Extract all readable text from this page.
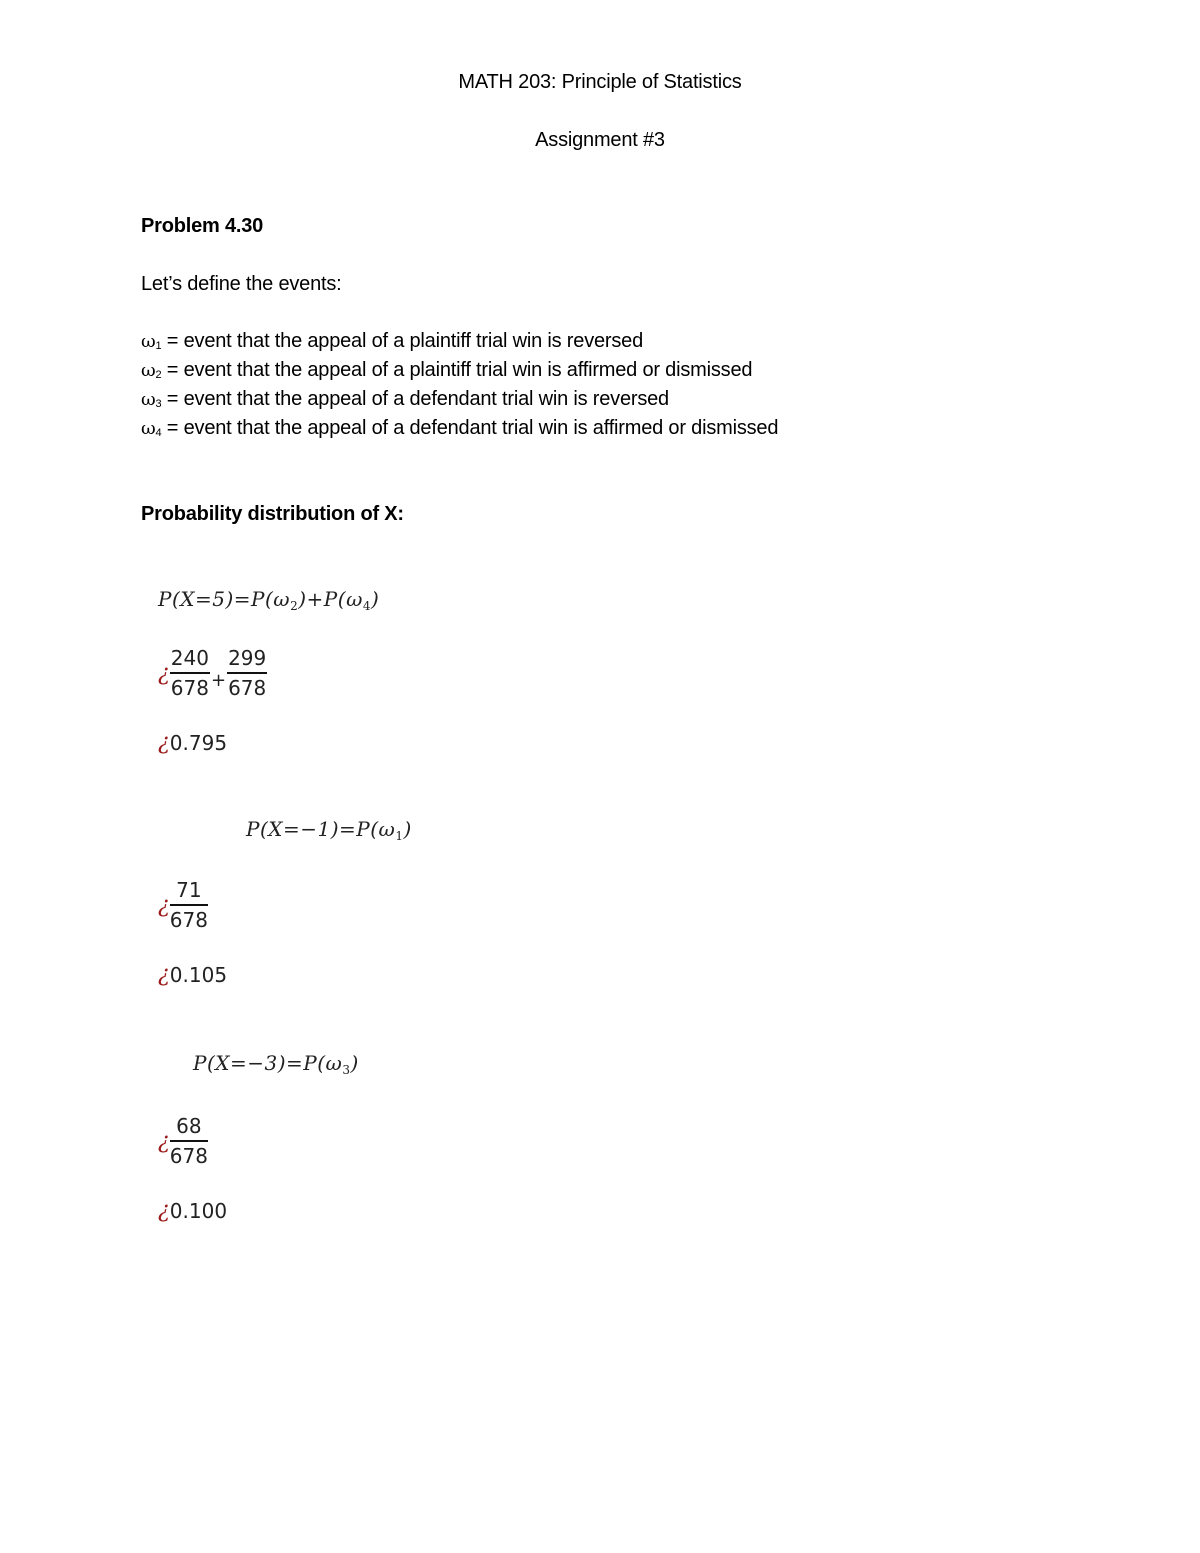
MATH 203: Principle of Statistics
Assignment #3
Problem 4.30
Let’s define the events:
ω1 = event that the appeal of a plaintiff trial win is reversed
ω2 = event that the appeal of a plaintiff trial win is affirmed or dismissed
ω3 = event that the appeal of a defendant trial win is reversed
ω4 = event that the appeal of a defendant trial win is affirmed or dismissed
Probability distribution of X:
$P(X=5)=P(\omega_2)+P(\omega_4)$
¿ $\frac{240}{678} + \frac{299}{678}$
¿ 0.795
$P(X=-1)=P(\omega_1)$
¿ $\frac{71}{678}$
¿ 0.105
$P(X=-3)=P(\omega_3)$
¿ $\frac{68}{678}$
¿ 0.100
